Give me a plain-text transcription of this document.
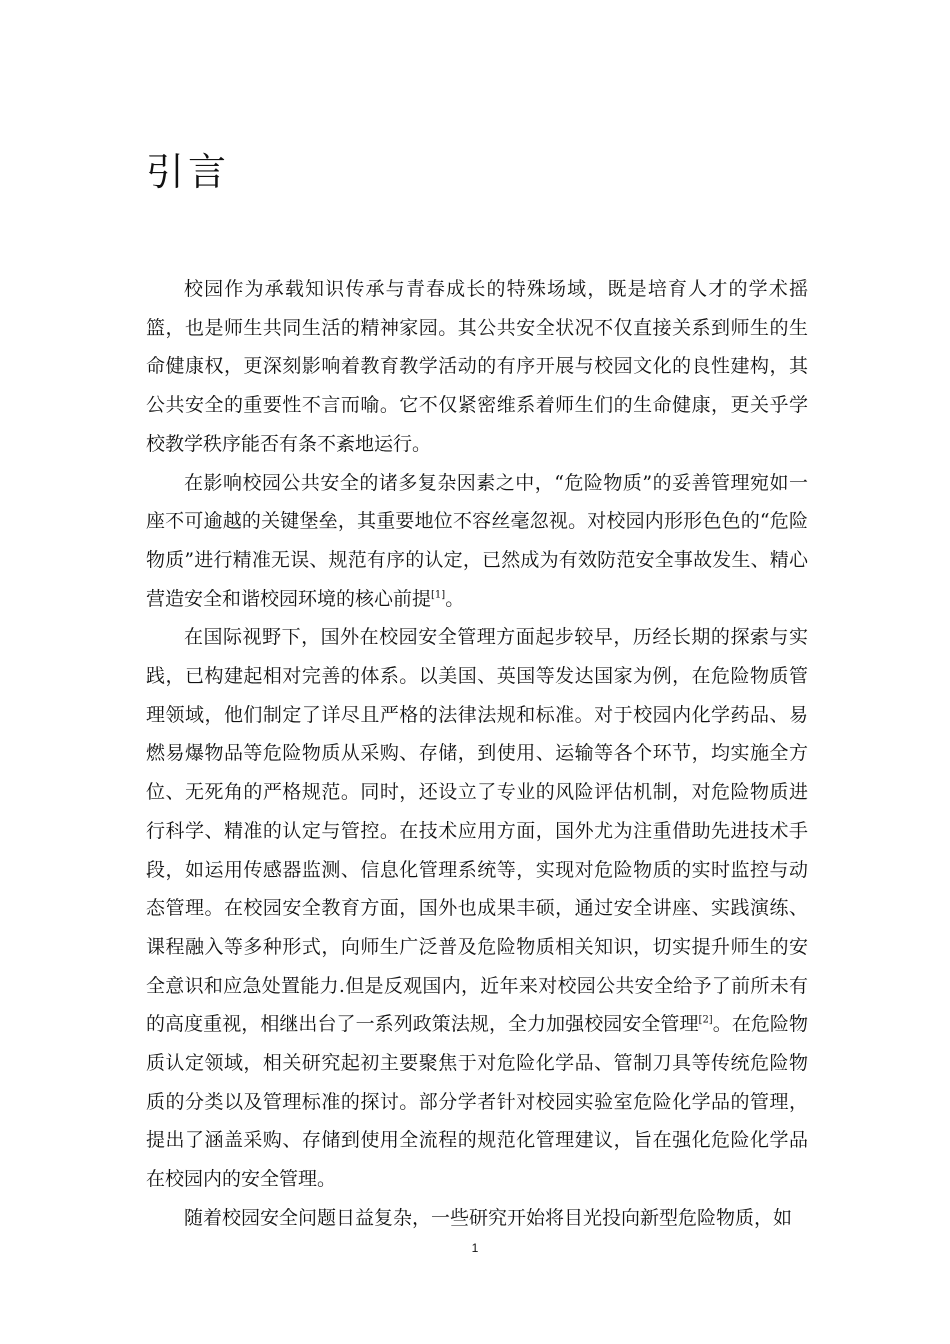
引言

校园作为承载知识传承与青春成长的特殊场域，既是培育人才的学术摇篮，也是师生共同生活的精神家园。其公共安全状况不仅直接关系到师生的生命健康权，更深刻影响着教育教学活动的有序开展与校园文化的良性建构，其公共安全的重要性不言而喻。它不仅紧密维系着师生们的生命健康，更关乎学校教学秩序能否有条不紊地运行。

在影响校园公共安全的诸多复杂因素之中，“危险物质”的妥善管理宛如一座不可逾越的关键堡垒，其重要地位不容丝毫忽视。对校园内形形色色的“危险物质”进行精准无误、规范有序的认定，已然成为有效防范安全事故发生、精心营造安全和谐校园环境的核心前提[1]。

在国际视野下，国外在校园安全管理方面起步较早，历经长期的探索与实践，已构建起相对完善的体系。以美国、英国等发达国家为例，在危险物质管理领域，他们制定了详尽且严格的法律法规和标准。对于校园内化学药品、易燃易爆物品等危险物质从采购、存储，到使用、运输等各个环节，均实施全方位、无死角的严格规范。同时，还设立了专业的风险评估机制，对危险物质进行科学、精准的认定与管控。在技术应用方面，国外尤为注重借助先进技术手段，如运用传感器监测、信息化管理系统等，实现对危险物质的实时监控与动态管理。在校园安全教育方面，国外也成果丰硕，通过安全讲座、实践演练、课程融入等多种形式，向师生广泛普及危险物质相关知识，切实提升师生的安全意识和应急处置能力.但是反观国内，近年来对校园公共安全给予了前所未有的高度重视，相继出台了一系列政策法规，全力加强校园安全管理[2]。在危险物质认定领域，相关研究起初主要聚焦于对危险化学品、管制刀具等传统危险物质的分类以及管理标准的探讨。部分学者针对校园实验室危险化学品的管理，提出了涵盖采购、存储到使用全流程的规范化管理建议，旨在强化危险化学品在校园内的安全管理。

随着校园安全问题日益复杂，一些研究开始将目光投向新型危险物质，如

1
